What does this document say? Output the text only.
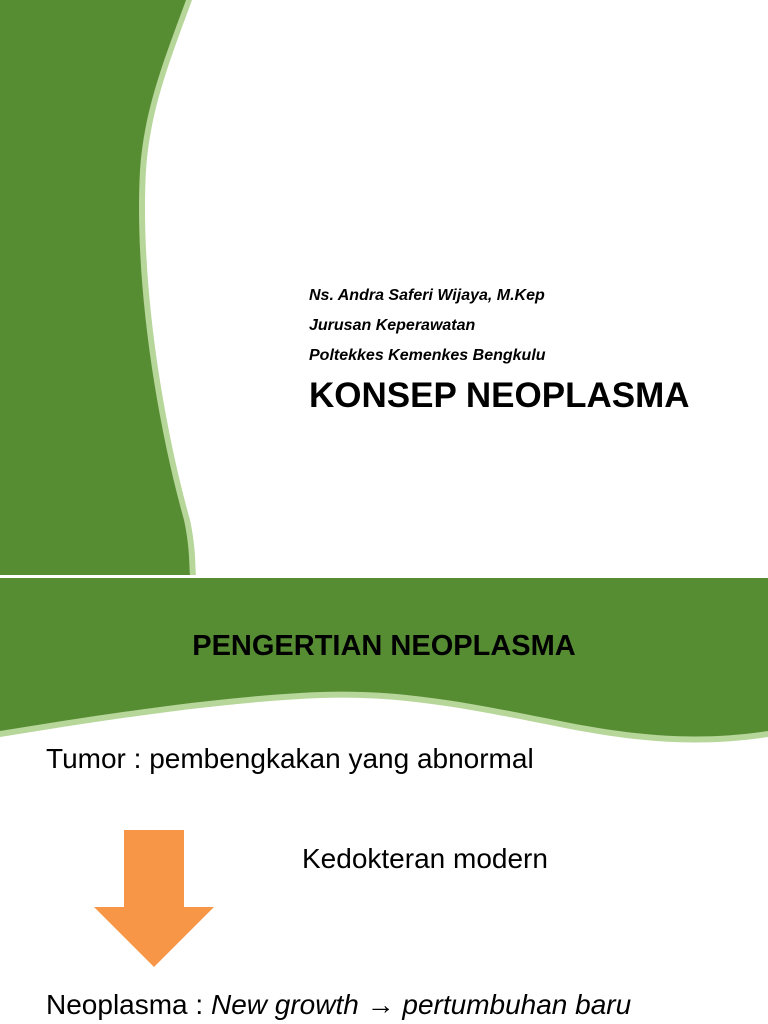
Ns. Andra Saferi Wijaya, M.Kep
Jurusan Keperawatan
Poltekkes Kemenkes Bengkulu
KONSEP NEOPLASMA
PENGERTIAN NEOPLASMA
Tumor : pembengkakan yang abnormal
Kedokteran modern
Neoplasma : New growth → pertumbuhan baru
